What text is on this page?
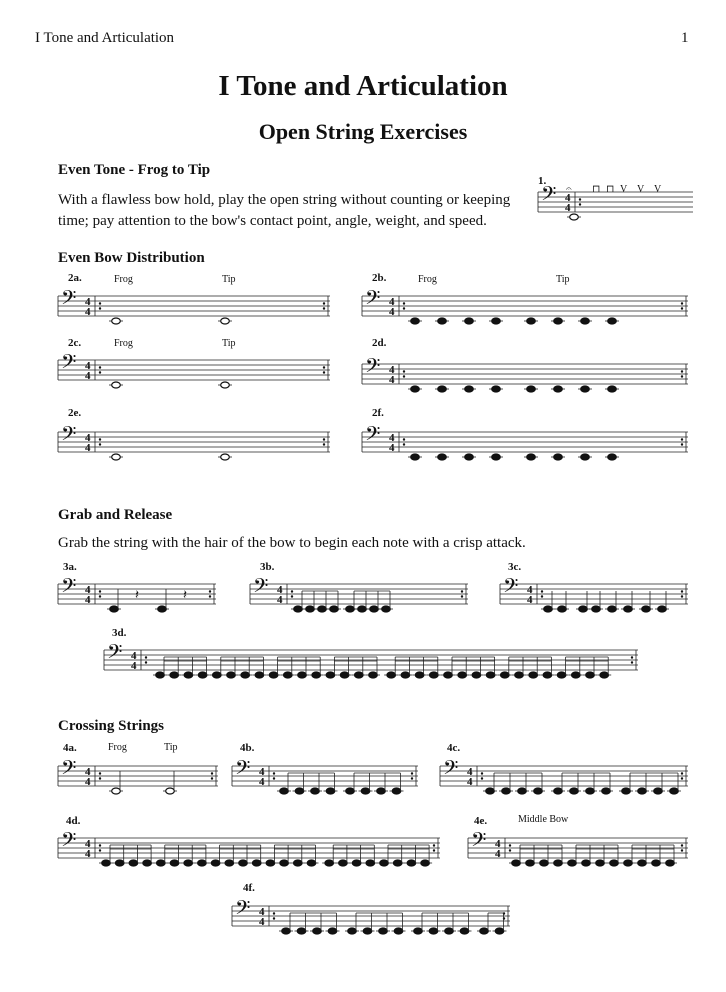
I Tone and Articulation	1
I Tone and Articulation
Open String Exercises
Even Tone - Frog to Tip
With a flawless bow hold, play the open string without counting or keeping
time; pay attention to the bow's contact point, angle, weight, and speed.
1.
𝄐 ⊓ ⊓ V V V
Even Bow Distribution
2a.	Frog	Tip	2b.	Frog	Tip
2c.	Frog	Tip	2d.
2e.	2f.
Grab and Release
Grab the string with the hair of the bow to begin each note with a crisp attack.
3a.	3b.	3c.
3d.
Crossing Strings
4a.	Frog	Tip	4b.	4c.
4d.	4e.	Middle Bow
4f.
𝄢 4
4
𝄢 4
4	𝄢 4
4
𝄢 4
4	𝄢 4
4
𝄢 4
4	𝄢 4
4
𝄢 4
4	𝄽	𝄽	𝄢 4
4	𝄢 4
4
𝄢 4
4
𝄢 4
4	𝄢 4
4	𝄢 4
4
𝄢 4
4	𝄢 4
4
𝄢 4
4
